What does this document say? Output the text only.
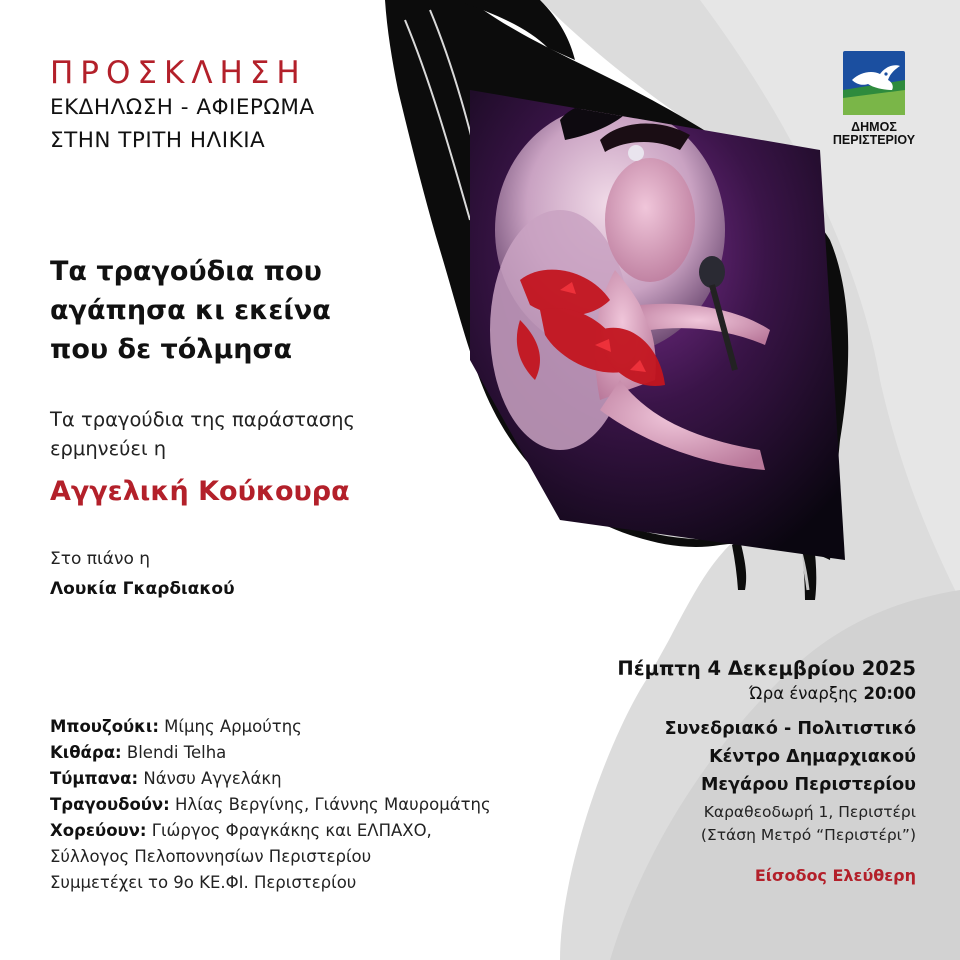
ΠΡΟΣΚΛΗΣΗ
ΕΚΔΗΛΩΣΗ - ΑΦΙΕΡΩΜΑ
ΣΤΗΝ ΤΡΙΤΗ ΗΛΙΚΙΑ
ΔΗΜΟΣ
ΠΕΡΙΣΤΕΡΙΟΥ
Τα τραγούδια που
αγάπησα κι εκείνα
που δε τόλμησα
Τα τραγούδια της παράστασης
ερμηνεύει η
Αγγελική Κούκουρα
Στο πιάνο η
Λουκία Γκαρδιακού
Μπουζούκι: Μίμης Αρμούτης
Κιθάρα: Blendi Telha
Τύμπανα: Νάνσυ Αγγελάκη
Τραγουδούν: Ηλίας Βεργίνης, Γιάννης Μαυρομάτης
Χορεύουν: Γιώργος Φραγκάκης και ΕΛΠΑΧΟ,
Σύλλογος Πελοποννησίων Περιστερίου
Συμμετέχει το 9ο ΚΕ.ΦΙ. Περιστερίου
Πέμπτη 4 Δεκεμβρίου 2025
Ώρα έναρξης 20:00
Συνεδριακό - Πολιτιστικό
Κέντρο Δημαρχιακού
Μεγάρου Περιστερίου
Καραθεοδωρή 1, Περιστέρι
(Στάση Μετρό “Περιστέρι”)
Είσοδος Ελεύθερη
